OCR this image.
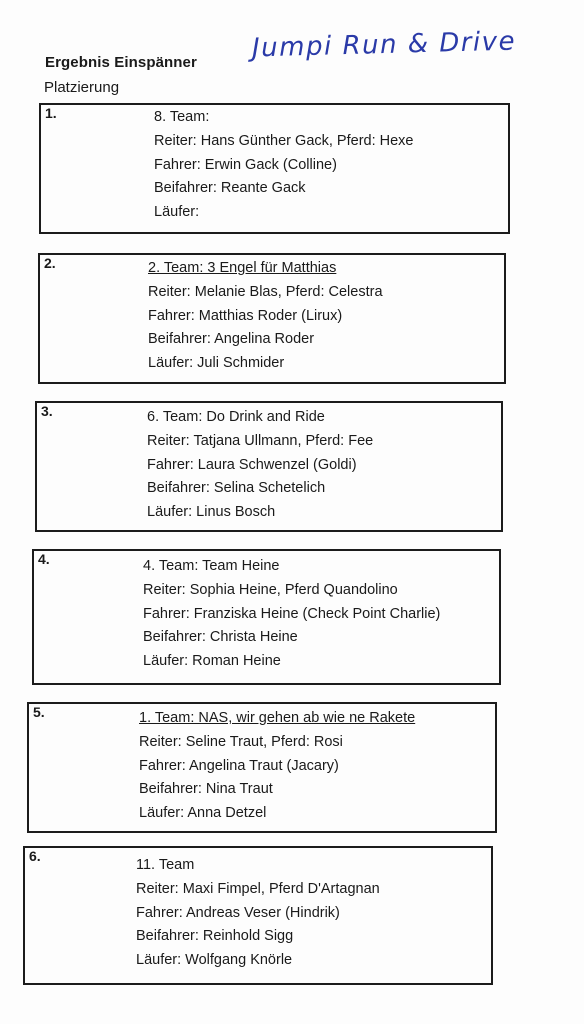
Ergebnis Einspänner
Platzierung
Jumpi Run & Drive
1.	8. Team:
Reiter: Hans Günther Gack, Pferd: Hexe
Fahrer: Erwin Gack (Colline)
Beifahrer: Reante Gack
Läufer:
2.	2. Team: 3 Engel für Matthias
Reiter: Melanie Blas, Pferd: Celestra
Fahrer: Matthias Roder (Lirux)
Beifahrer: Angelina Roder
Läufer: Juli Schmider
3.	6. Team: Do Drink and Ride
Reiter: Tatjana Ullmann, Pferd: Fee
Fahrer: Laura Schwenzel (Goldi)
Beifahrer: Selina Schetelich
Läufer: Linus Bosch
4.	4. Team: Team Heine
Reiter: Sophia Heine, Pferd Quandolino
Fahrer: Franziska Heine (Check Point Charlie)
Beifahrer: Christa Heine
Läufer: Roman Heine
5.	1. Team: NAS, wir gehen ab wie ne Rakete
Reiter: Seline Traut, Pferd: Rosi
Fahrer: Angelina Traut (Jacary)
Beifahrer: Nina Traut
Läufer: Anna Detzel
6.
11. Team
Reiter: Maxi Fimpel, Pferd D'Artagnan
Fahrer: Andreas Veser (Hindrik)
Beifahrer: Reinhold Sigg
Läufer: Wolfgang Knörle
